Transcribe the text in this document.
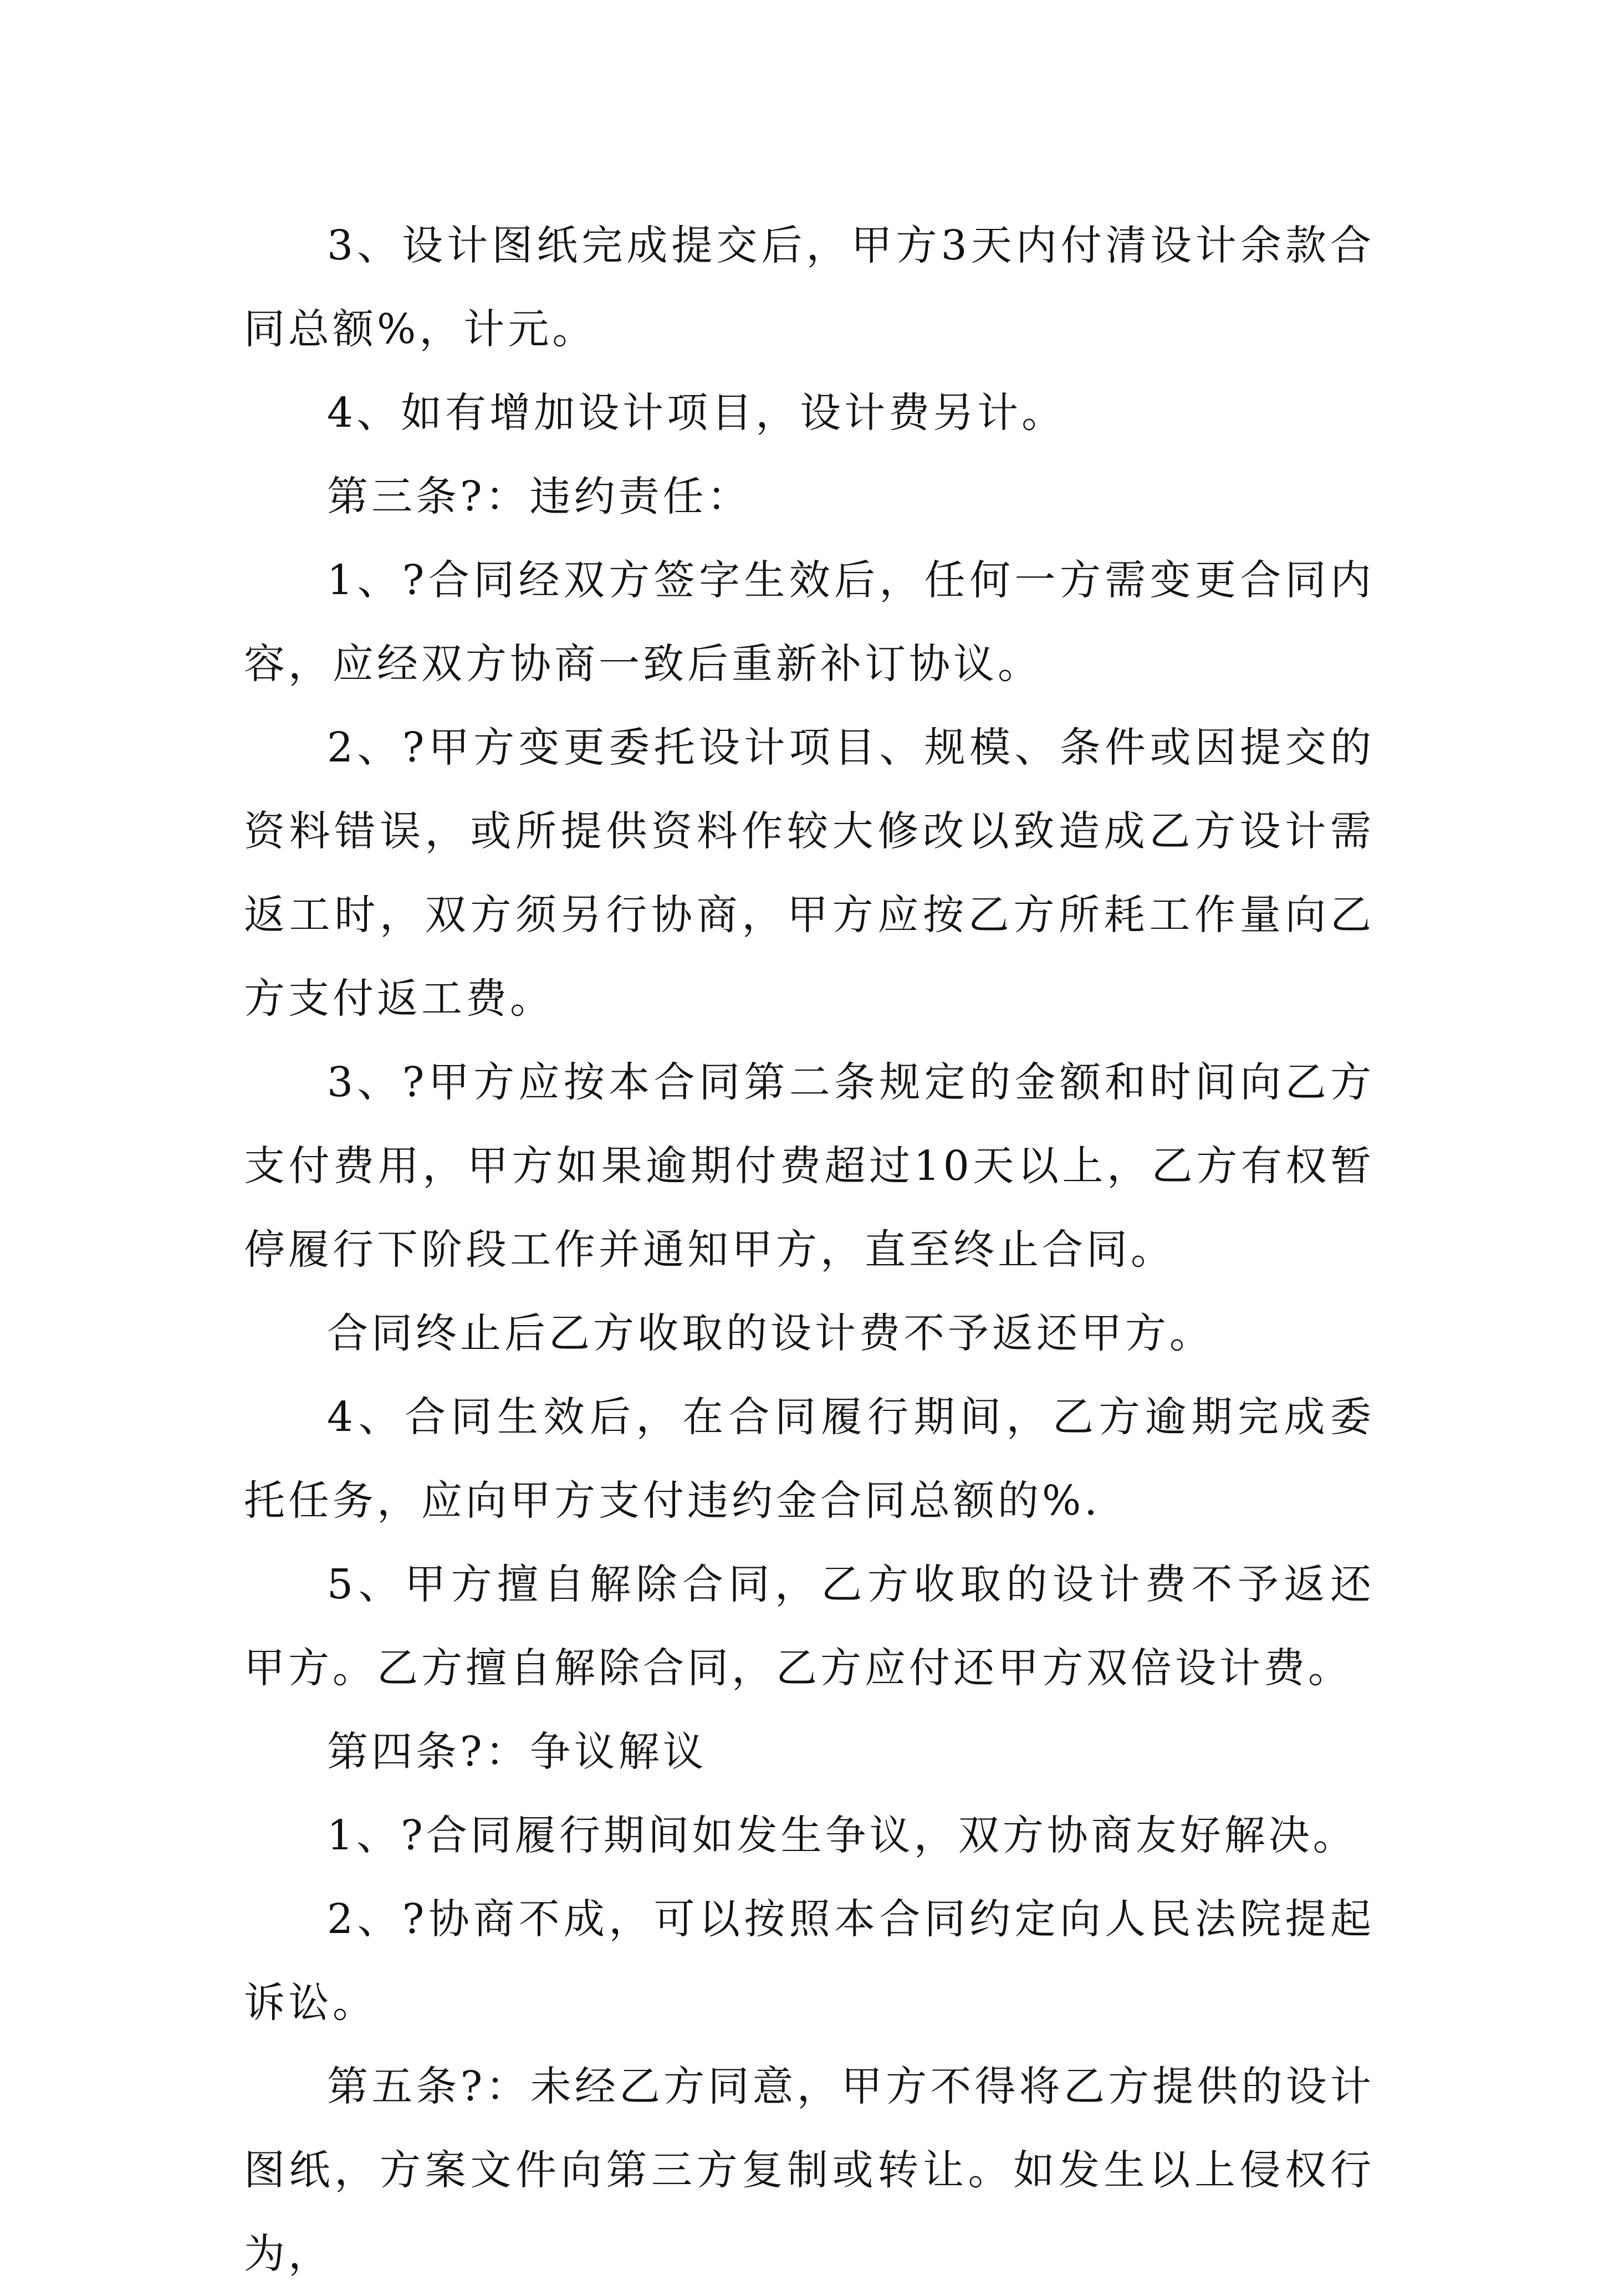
3、设计图纸完成提交后，甲方3天内付清设计余款合同总额%，计元。

4、如有增加设计项目，设计费另计。

第三条?：违约责任：

1、?合同经双方签字生效后，任何一方需变更合同内容，应经双方协商一致后重新补订协议。

2、?甲方变更委托设计项目、规模、条件或因提交的资料错误，或所提供资料作较大修改以致造成乙方设计需返工时，双方须另行协商，甲方应按乙方所耗工作量向乙方支付返工费。

3、?甲方应按本合同第二条规定的金额和时间向乙方支付费用，甲方如果逾期付费超过10天以上，乙方有权暂停履行下阶段工作并通知甲方，直至终止合同。

合同终止后乙方收取的设计费不予返还甲方。

4、合同生效后，在合同履行期间，乙方逾期完成委托任务，应向甲方支付违约金合同总额的%.

5、甲方擅自解除合同，乙方收取的设计费不予返还甲方。乙方擅自解除合同，乙方应付还甲方双倍设计费。

第四条?：争议解议

1、?合同履行期间如发生争议，双方协商友好解决。

2、?协商不成，可以按照本合同约定向人民法院提起诉讼。

第五条?：未经乙方同意，甲方不得将乙方提供的设计图纸，方案文件向第三方复制或转让。如发生以上侵权行为，
